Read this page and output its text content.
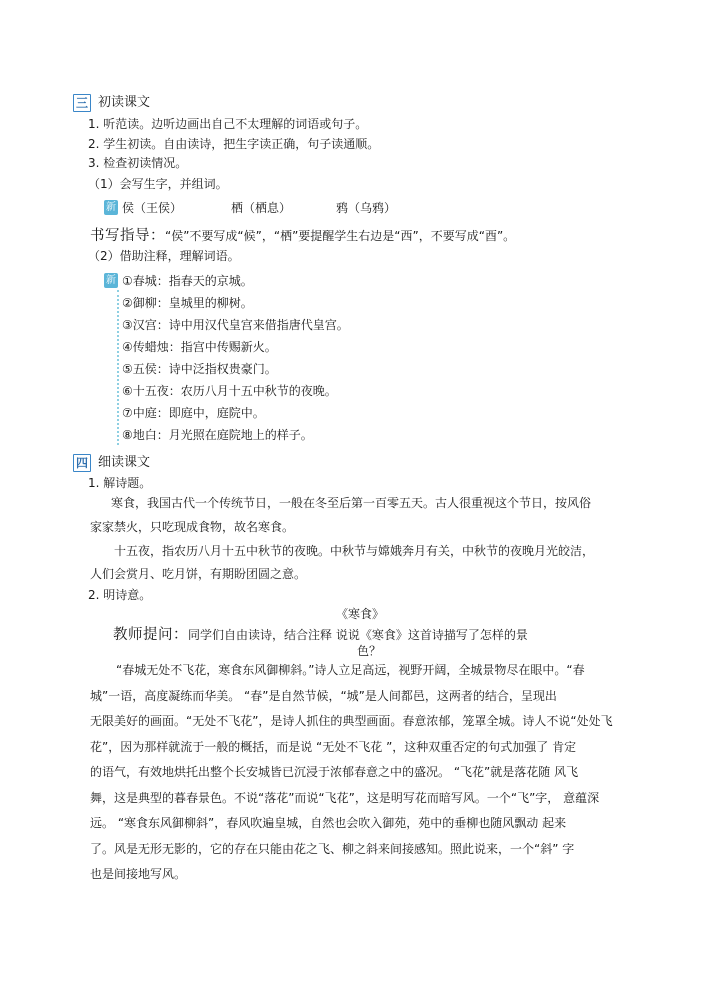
三 初读课文
1. 听范读。边听边画出自己不太理解的词语或句子。
2. 学生初读。自由读诗，把生字读正确，句子读通顺。
3. 检查初读情况。
（1）会写生字，并组词。
新 侯（王侯）	栖（栖息）	鸦（乌鸦）
书写指导：“侯”不要写成“候”，“栖”要提醒学生右边是“西”，不要写成“酉”。
（2）借助注释，理解词语。
新 ①春城：指春天的京城。
②御柳：皇城里的柳树。
③汉宫：诗中用汉代皇宫来借指唐代皇宫。
④传蜡烛：指宫中传赐新火。
⑤五侯：诗中泛指权贵豪门。
⑥十五夜：农历八月十五中秋节的夜晚。
⑦中庭：即庭中，庭院中。
⑧地白：月光照在庭院地上的样子。
四 细读课文
1. 解诗题。
寒食，我国古代一个传统节日，一般在冬至后第一百零五天。古人很重视这个节日，按风俗
家家禁火，只吃现成食物，故名寒食。
十五夜，指农历八月十五中秋节的夜晚。中秋节与嫦娥奔月有关，中秋节的夜晚月光皎洁，
人们会赏月、吃月饼，有期盼团圆之意。
2. 明诗意。
《寒食》
教师提问：同学们自由读诗，结合注释 说说《寒食》这首诗描写了怎样的景
色？
“春城无处不飞花，寒食东风御柳斜。”诗人立足高远，视野开阔，全城景物尽在眼中。“春
城”一语，高度凝练而华美。 “春”是自然节候，“城”是人间都邑，这两者的结合，呈现出
无限美好的画面。“无处不飞花”，是诗人抓住的典型画面。春意浓郁，笼罩全城。诗人不说“处处飞
花”，因为那样就流于一般的概括，而是说 “无处不飞花 ”，这种双重否定的句式加强了 肯定
的语气，有效地烘托出整个长安城皆已沉浸于浓郁春意之中的盛况。 “飞花”就是落花随 风飞
舞，这是典型的暮春景色。不说“落花”而说“飞花”，这是明写花而暗写风。一个“飞”字， 意蕴深
远。 “寒食东风御柳斜”，春风吹遍皇城，自然也会吹入御苑，苑中的垂柳也随风飘动 起来
了。风是无形无影的，它的存在只能由花之飞、柳之斜来间接感知。照此说来，一个“斜” 字
也是间接地写风。
